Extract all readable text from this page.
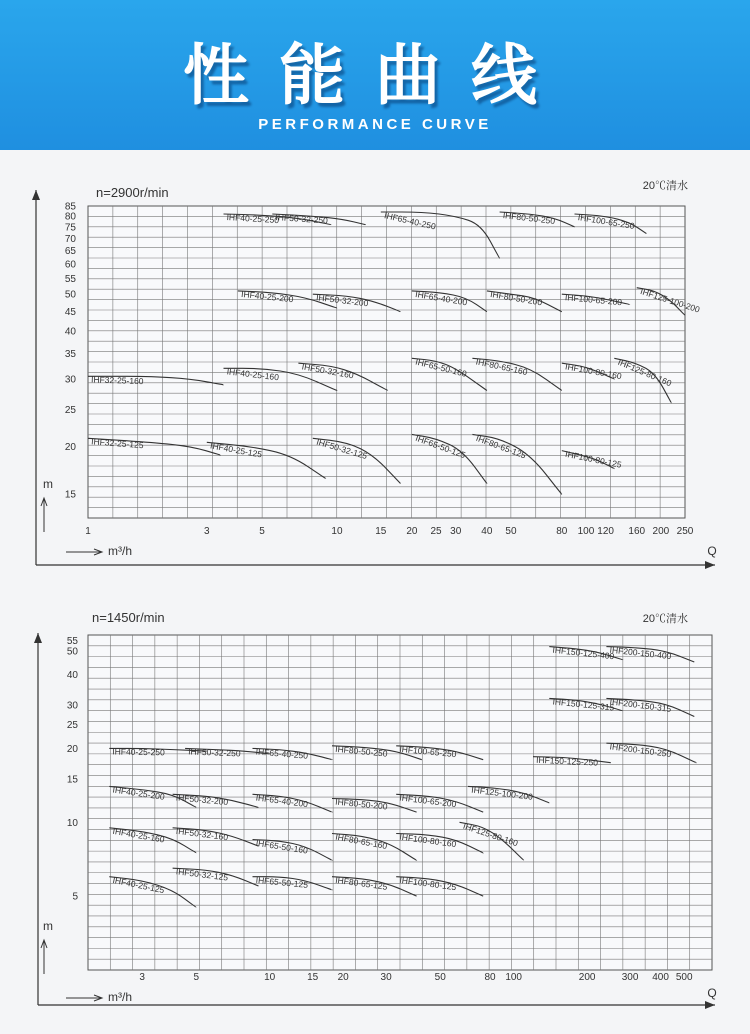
性能曲线
PERFORMANCE CURVE
n=2900r/min	20℃清水
m
m³/h	Q
1	3	5	10	15 20 25 30 40 50	80 100 120 160 200 250
15
20
25
30
35
40
45
50
55
60
65
70
75
80
85
IHF40-25-250
IHF50-32-250	IHF65-40-250	IHF80-50-250	IHF100-65-250
IHF40-25-200	IHF50-32-200	IHF65-40-200	IHF80-50-200	IHF100-65-200 IHF125-100-200
IHF32-25-160	IHF40-25-160	IHF50-32-160	IHF65-50-160 IHF80-65-160	IHF100-80-160
IHF125-80-160
IHF32-25-125	IHF40-25-125	IHF50-32-125	IHF65-50-125 IHF80-65-125	IHF100-80-125
n=1450r/min	20℃清水
m
m³/h	Q
3	5	10	15 20	30	50	80 100	200	300 400 500
5
10
15
20
25
30
40
50
55
IHF150-125-400
IHF200-150-400
IHF150-125-315
IHF200-150-315
IHF40-25-250	IHF50-32-250 IHF65-40-250	IHF80-50-250 IHF100-65-250
IHF150-125-250
IHF200-150-250
IHF40-25-200 IHF50-32-200	IHF65-40-200	IHF80-50-200 IHF100-65-200 IHF125-100-200
IHF40-25-160 IHF50-32-160
IHF65-50-160	IHF80-65-160 IHF100-80-160 IHF125-80-160
IHF40-25-125
IHF50-32-125	IHF65-50-125	IHF80-65-125 IHF100-80-125
